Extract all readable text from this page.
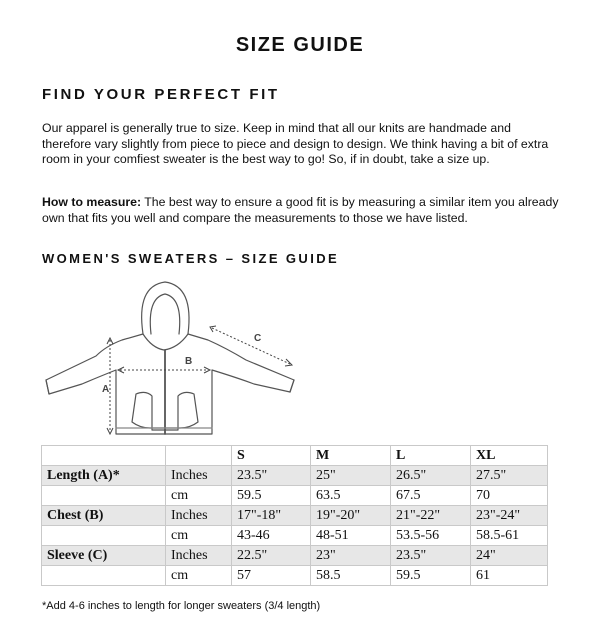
SIZE GUIDE
FIND YOUR PERFECT FIT
Our apparel is generally true to size. Keep in mind that all our knits are handmade and therefore vary slightly from piece to piece and design to design. We think having a bit of extra room in your comfiest sweater is the best way to go! So, if in doubt, take a size up.
How to measure: The best way to ensure a good fit is by measuring a similar item you already own that fits you well and compare the measurements to those we have listed.
WOMEN'S SWEATERS – SIZE GUIDE
A
B
C
		S	M	L	XL
Length (A)*	Inches	23.5"	25"	26.5"	27.5"
	cm	59.5	63.5	67.5	70
Chest (B)	Inches	17"-18"	19"-20"	21"-22"	23"-24"
	cm	43-46	48-51	53.5-56	58.5-61
Sleeve (C)	Inches	22.5"	23"	23.5"	24"
	cm	57	58.5	59.5	61
*Add 4-6 inches to length for longer sweaters (3/4 length)
